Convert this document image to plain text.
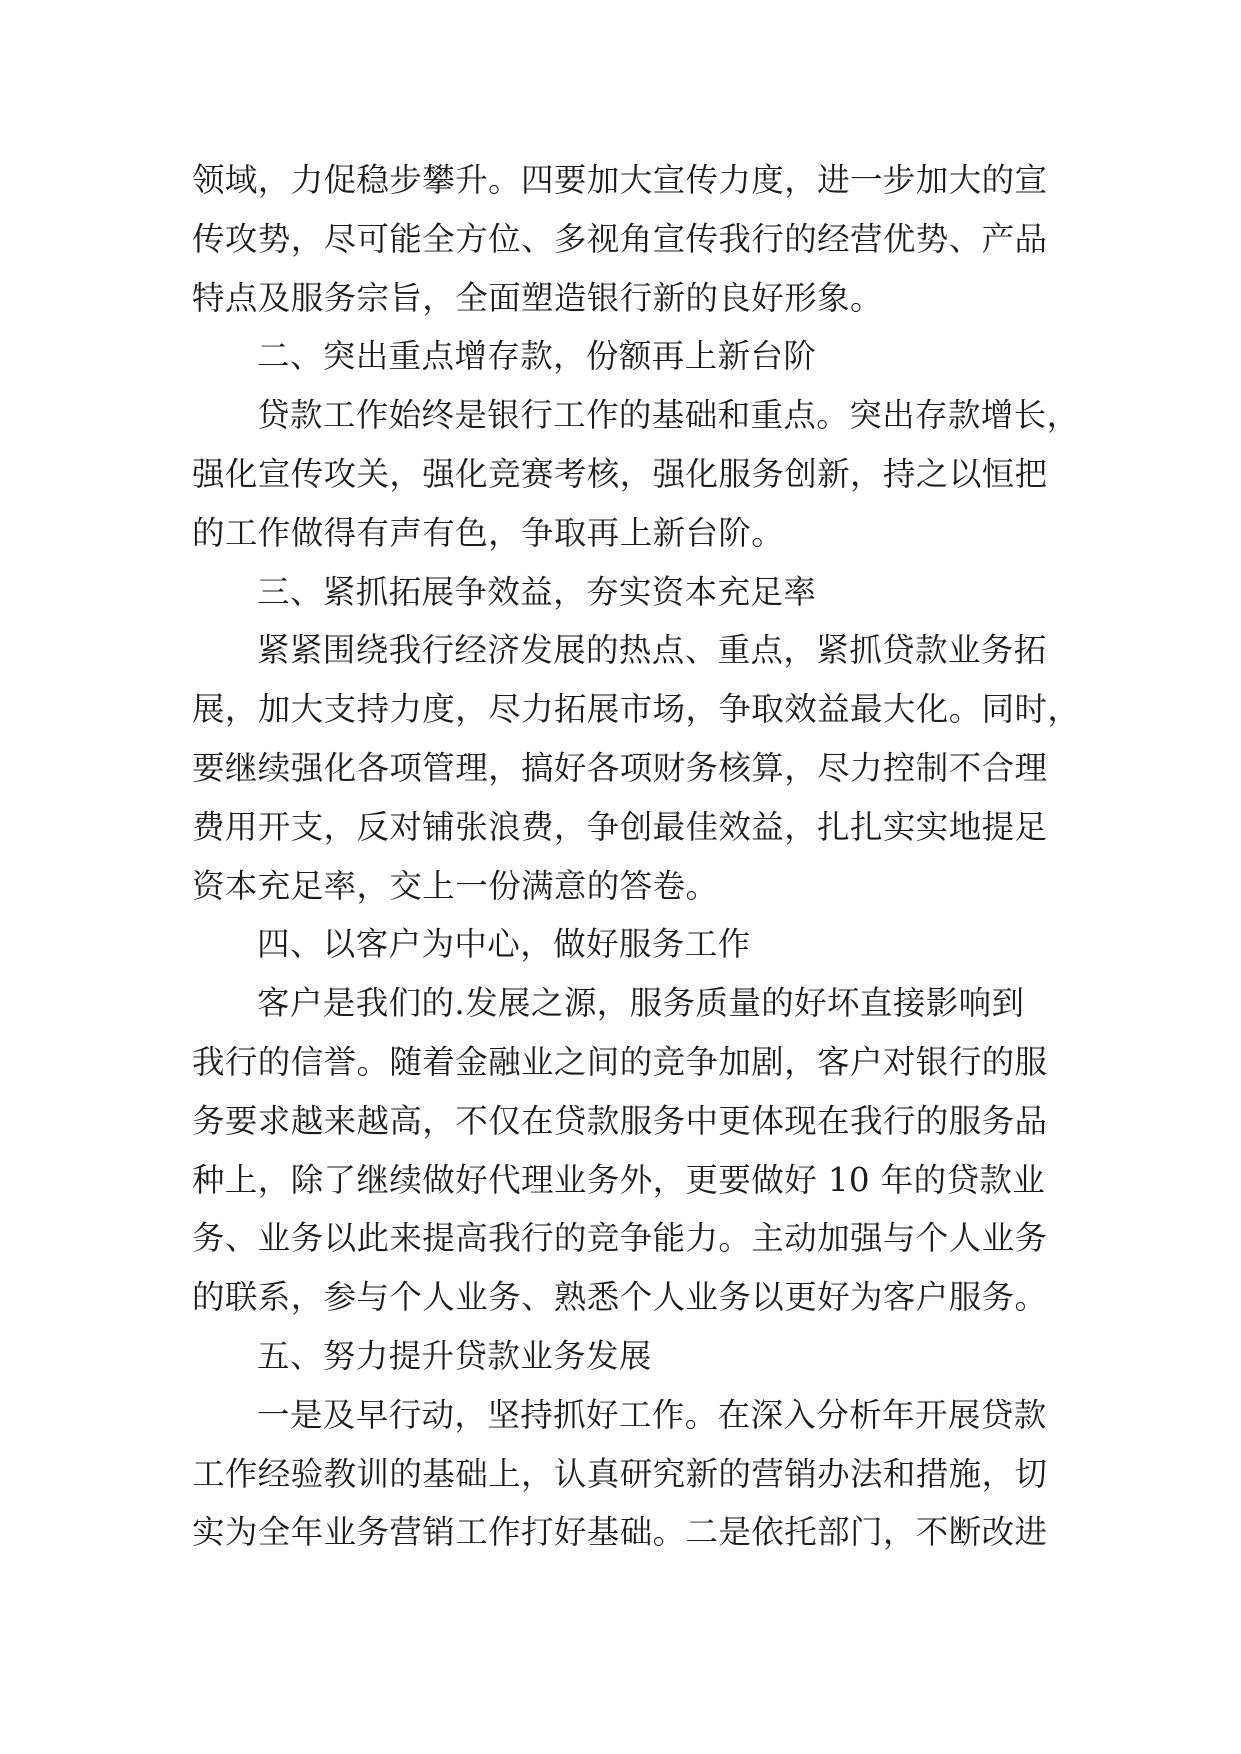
领域，力促稳步攀升。四要加大宣传力度，进一步加大的宣
传攻势，尽可能全方位、多视角宣传我行的经营优势、产品
特点及服务宗旨，全面塑造银行新的良好形象。
二、突出重点增存款，份额再上新台阶
贷款工作始终是银行工作的基础和重点。突出存款增长，
强化宣传攻关，强化竞赛考核，强化服务创新，持之以恒把
的工作做得有声有色，争取再上新台阶。
三、紧抓拓展争效益，夯实资本充足率
紧紧围绕我行经济发展的热点、重点，紧抓贷款业务拓
展，加大支持力度，尽力拓展市场，争取效益最大化。同时，
要继续强化各项管理，搞好各项财务核算，尽力控制不合理
费用开支，反对铺张浪费，争创最佳效益，扎扎实实地提足
资本充足率，交上一份满意的答卷。
四、以客户为中心，做好服务工作
客户是我们的.发展之源，服务质量的好坏直接影响到
我行的信誉。随着金融业之间的竞争加剧，客户对银行的服
务要求越来越高，不仅在贷款服务中更体现在我行的服务品
种上，除了继续做好代理业务外，更要做好 10 年的贷款业
务、业务以此来提高我行的竞争能力。主动加强与个人业务
的联系，参与个人业务、熟悉个人业务以更好为客户服务。
五、努力提升贷款业务发展
一是及早行动，坚持抓好工作。在深入分析年开展贷款
工作经验教训的基础上，认真研究新的营销办法和措施，切
实为全年业务营销工作打好基础。二是依托部门，不断改进
